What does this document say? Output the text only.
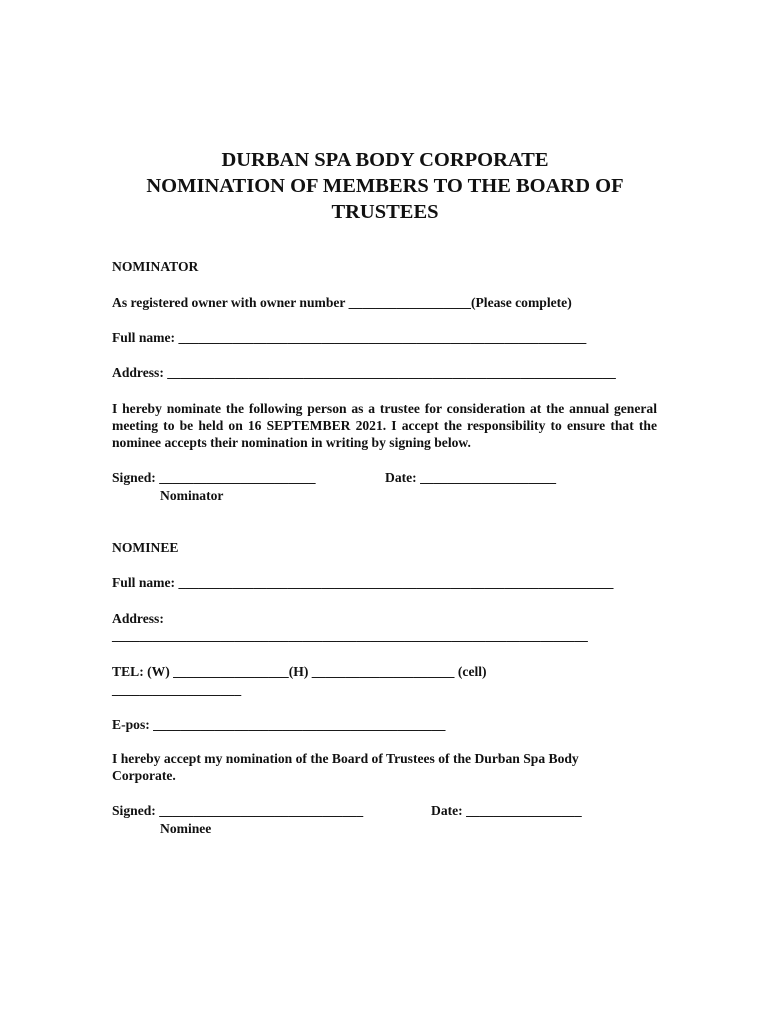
DURBAN SPA BODY CORPORATE
NOMINATION OF MEMBERS TO THE BOARD OF
TRUSTEES
NOMINATOR
As registered owner with owner number __________________(Please complete)
Full name: ____________________________________________________________
Address: __________________________________________________________________
I hereby nominate the following person as a trustee for consideration at the annual general meeting to be held on 16 SEPTEMBER 2021. I accept the responsibility to ensure that the nominee accepts their nomination in writing by signing below.
Signed: _______________________	Date: ____________________
Nominator
NOMINEE
Full name: ________________________________________________________________
Address:
______________________________________________________________________
TEL: (W) _________________(H) _____________________ (cell)
___________________
E-pos: ___________________________________________
I hereby accept my nomination of the Board of Trustees of the Durban Spa Body Corporate.
Signed: ______________________________	Date: _________________
Nominee
